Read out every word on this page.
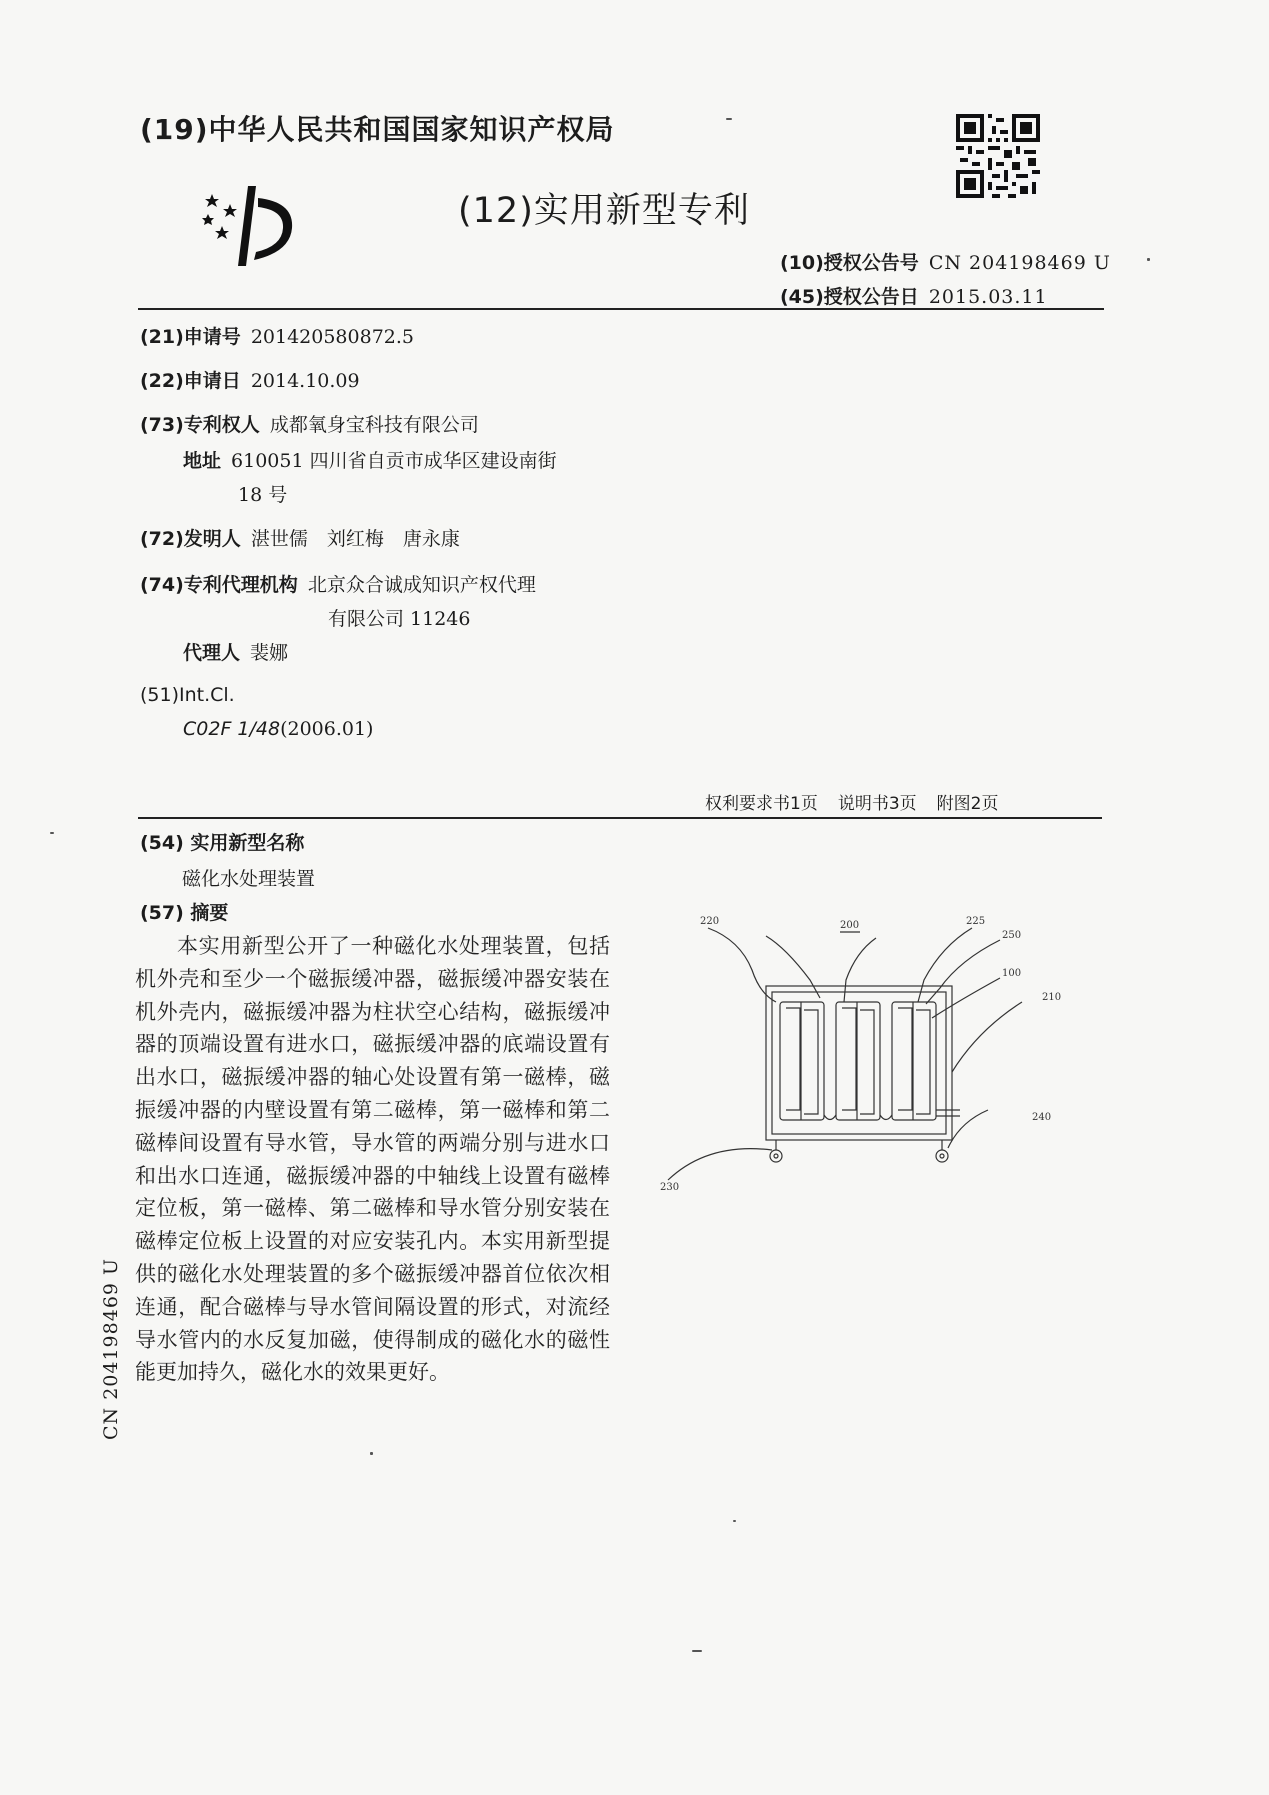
(19)中华人民共和国国家知识产权局
(12)实用新型专利
(10)授权公告号 CN 204198469 U
(45)授权公告日 2015.03.11
(21)申请号 201420580872.5
(22)申请日 2014.10.09
(73)专利权人 成都氧身宝科技有限公司
地址 610051 四川省自贡市成华区建设南街
18 号
(72)发明人 湛世儒　刘红梅　唐永康
(74)专利代理机构 北京众合诚成知识产权代理
有限公司 11246
代理人 裴娜
(51)Int.Cl.
C02F 1/48(2006.01)
权利要求书1页 说明书3页 附图2页
(54) 实用新型名称
磁化水处理装置
(57) 摘要
本实用新型公开了一种磁化水处理装置，包括机外壳和至少一个磁振缓冲器，磁振缓冲器安装在机外壳内，磁振缓冲器为柱状空心结构，磁振缓冲器的顶端设置有进水口，磁振缓冲器的底端设置有出水口，磁振缓冲器的轴心处设置有第一磁棒，磁振缓冲器的内壁设置有第二磁棒，第一磁棒和第二磁棒间设置有导水管，导水管的两端分别与进水口和出水口连通，磁振缓冲器的中轴线上设置有磁棒定位板，第一磁棒、第二磁棒和导水管分别安装在磁棒定位板上设置的对应安装孔内。本实用新型提供的磁化水处理装置的多个磁振缓冲器首位依次相连通，配合磁棒与导水管间隔设置的形式，对流经导水管内的水反复加磁，使得制成的磁化水的磁性能更加持久，磁化水的效果更好。
200
220	225
250
100
210
240
230
CN 204198469 U
